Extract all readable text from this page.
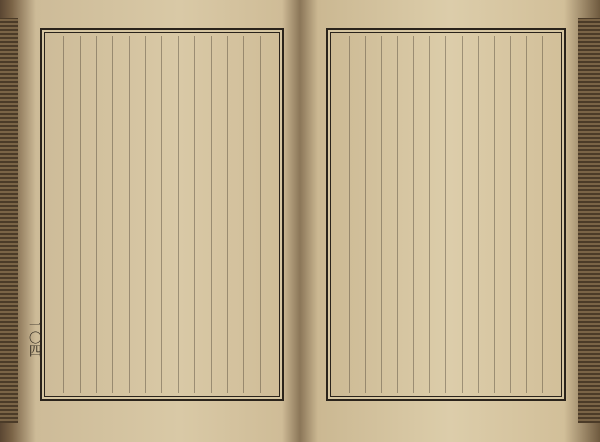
一〇四
